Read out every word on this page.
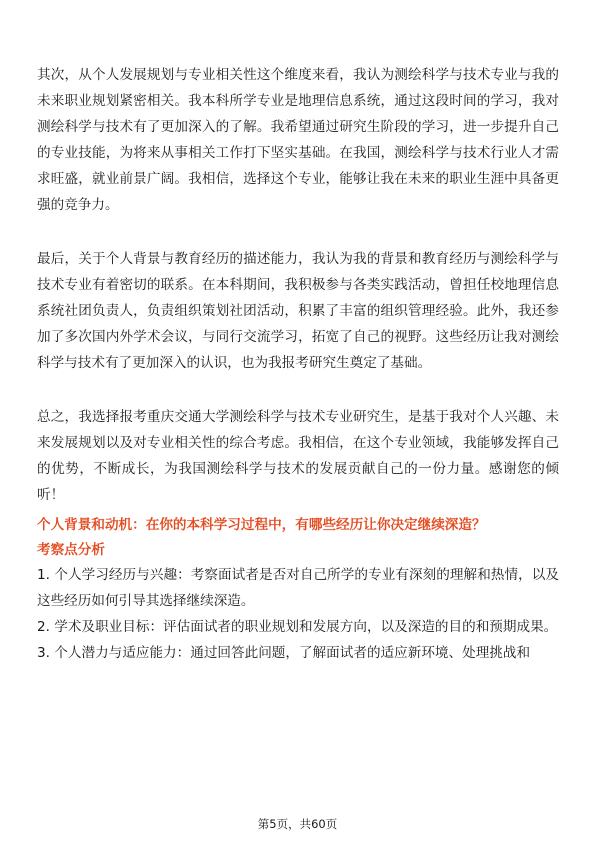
其次，从个人发展规划与专业相关性这个维度来看，我认为测绘科学与技术专业与我的未来职业规划紧密相关。我本科所学专业是地理信息系统，通过这段时间的学习，我对测绘科学与技术有了更加深入的了解。我希望通过研究生阶段的学习，进一步提升自己的专业技能，为将来从事相关工作打下坚实基础。在我国，测绘科学与技术行业人才需求旺盛，就业前景广阔。我相信，选择这个专业，能够让我在未来的职业生涯中具备更强的竞争力。

最后，关于个人背景与教育经历的描述能力，我认为我的背景和教育经历与测绘科学与技术专业有着密切的联系。在本科期间，我积极参与各类实践活动，曾担任校地理信息系统社团负责人，负责组织策划社团活动，积累了丰富的组织管理经验。此外，我还参加了多次国内外学术会议，与同行交流学习，拓宽了自己的视野。这些经历让我对测绘科学与技术有了更加深入的认识，也为我报考研究生奠定了基础。

总之，我选择报考重庆交通大学测绘科学与技术专业研究生，是基于我对个人兴趣、未来发展规划以及对专业相关性的综合考虑。我相信，在这个专业领域，我能够发挥自己的优势，不断成长，为我国测绘科学与技术的发展贡献自己的一份力量。感谢您的倾听！

个人背景和动机：在你的本科学习过程中，有哪些经历让你决定继续深造？

考察点分析

1. 个人学习经历与兴趣：考察面试者是否对自己所学的专业有深刻的理解和热情，以及这些经历如何引导其选择继续深造。

2. 学术及职业目标：评估面试者的职业规划和发展方向，以及深造的目的和预期成果。

3. 个人潜力与适应能力：通过回答此问题，了解面试者的适应新环境、处理挑战和

第5页，共60页
